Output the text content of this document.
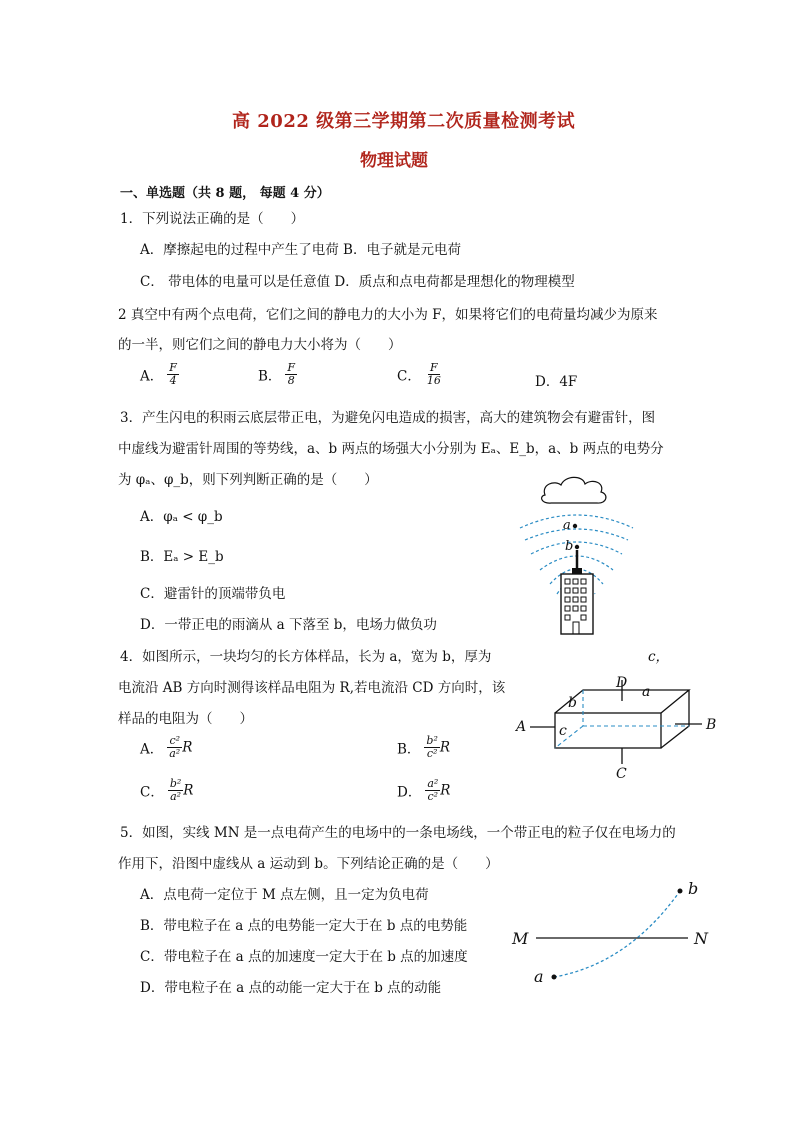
高 2022 级第三学期第二次质量检测考试
物理试题
一、单选题（共 8 题， 每题 4 分）
1．下列说法正确的是（　　）
A．摩擦起电的过程中产生了电荷 B．电子就是元电荷
C． 带电体的电量可以是任意值 D．质点和点电荷都是理想化的物理模型
2 真空中有两个点电荷，它们之间的静电力的大小为 F，如果将它们的电荷量均减少为原来
的一半，则它们之间的静电力大小将为（　　）
A． $\frac{F}{4}$	B． $\frac{F}{8}$	C． $\frac{F}{16}$	D．4F
3．产生闪电的积雨云底层带正电，为避免闪电造成的损害，高大的建筑物会有避雷针，图
中虚线为避雷针周围的等势线，a、b 两点的场强大小分别为 Eₐ、E_b，a、b 两点的电势分
为 φₐ、φ_b，则下列判断正确的是（　　）
A．φₐ < φ_b
B．Eₐ > E_b
C．避雷针的顶端带负电
D．一带正电的雨滴从 a 下落至 b，电场力做负功
a
b
4．如图所示，一块均匀的长方体样品，长为 a，宽为 b，厚为	c，
电流沿 AB 方向时测得该样品电阻为 R,若电流沿 CD 方向时，该
样品的电阻为（　　）
A． $\frac{\text{c²}}{\text{a²}}$ R	B． $\frac{\text{b²}}{\text{c²}}$ R
C． $\frac{\text{b²}}{\text{a²}}$ R	D． $\frac{\text{a²}}{\text{c²}}$ R
A	B
D
C
a
b
c
5．如图，实线 MN 是一点电荷产生的电场中的一条电场线，一个带正电的粒子仅在电场力的
作用下，沿图中虚线从 a 运动到 b。下列结论正确的是（　　）
A．点电荷一定位于 M 点左侧，且一定为负电荷
B．带电粒子在 a 点的电势能一定大于在 b 点的电势能
C．带电粒子在 a 点的加速度一定大于在 b 点的加速度
D．带电粒子在 a 点的动能一定大于在 b 点的动能
M	N
a
b
